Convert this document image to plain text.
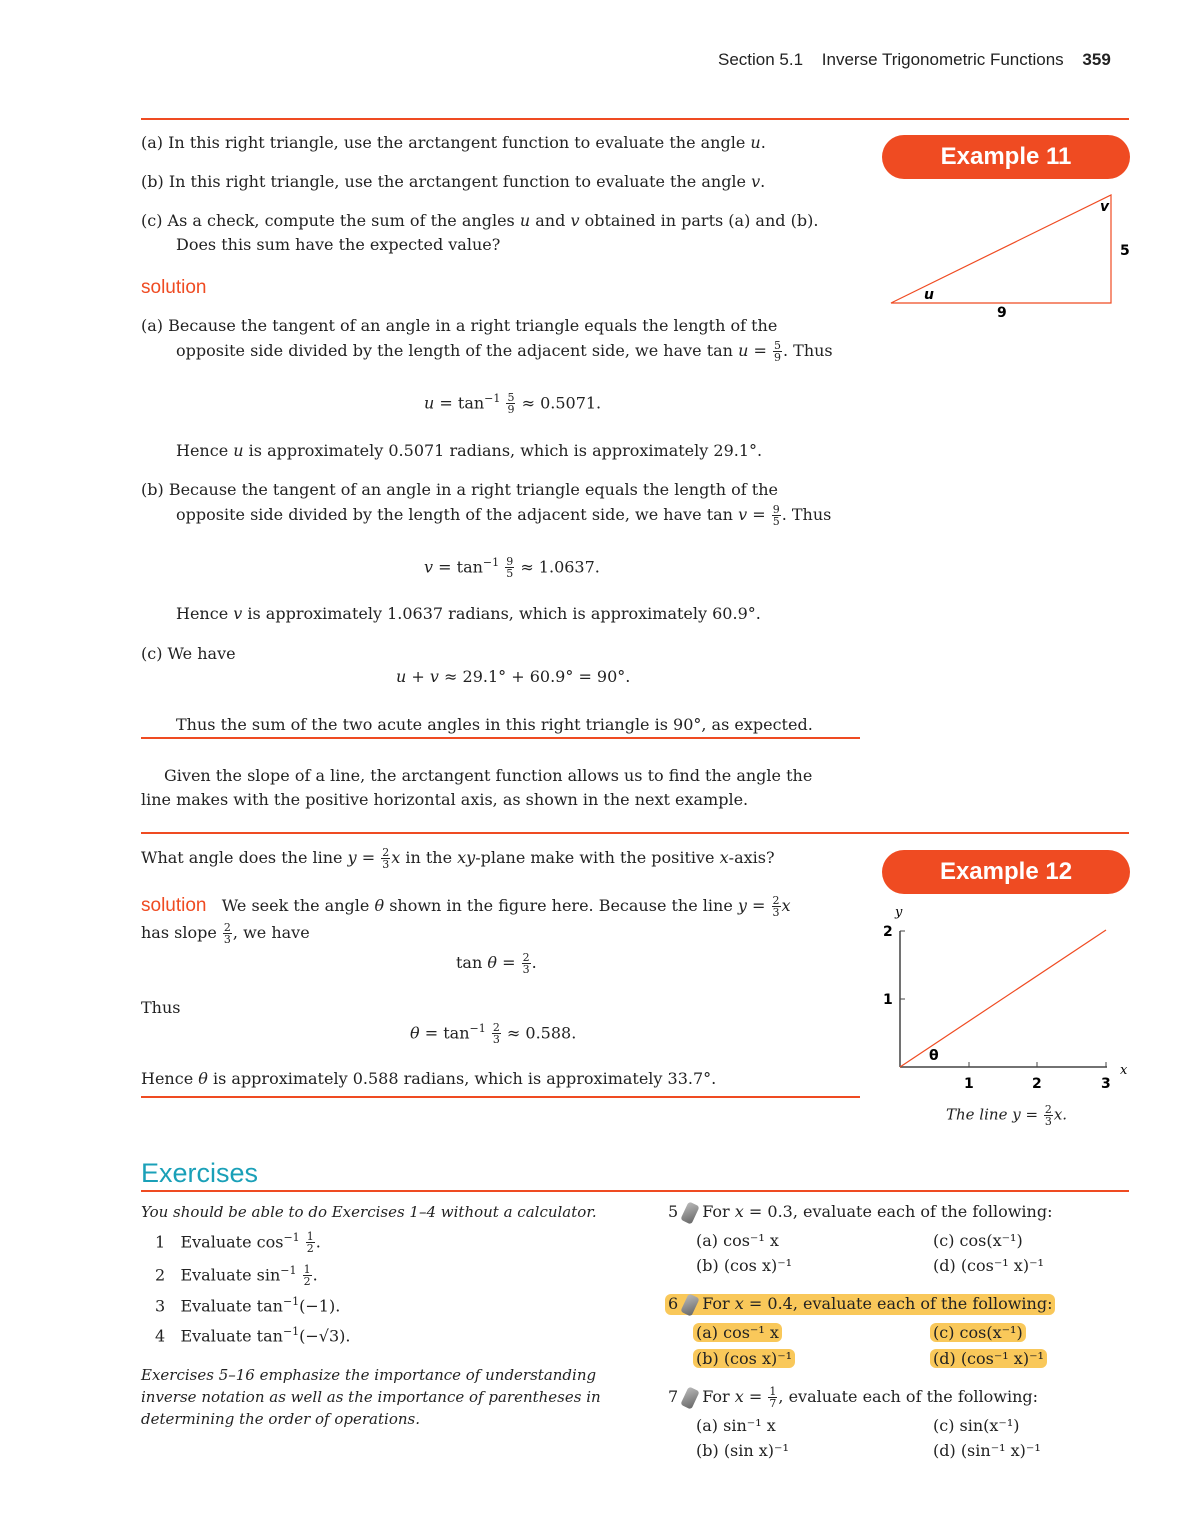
Section 5.1 Inverse Trigonometric Functions 359
Example 11
u
v
5
9
(a) In this right triangle, use the arctangent function to evaluate the angle u.
(b) In this right triangle, use the arctangent function to evaluate the angle v.
(c) As a check, compute the sum of the angles u and v obtained in parts (a) and (b).
Does this sum have the expected value?
solution
(a) Because the tangent of an angle in a right triangle equals the length of the
opposite side divided by the length of the adjacent side, we have $\tan u = \frac{5}{9}$ . Thus
$u = \tan^{-1} \frac{5}{9} \approx 0.5071$.
Hence u is approximately 0.5071 radians, which is approximately 29.1°.
(b) Because the tangent of an angle in a right triangle equals the length of the
opposite side divided by the length of the adjacent side, we have $\tan v = \frac{9}{5}$ . Thus
$v = \tan^{-1} \frac{9}{5} \approx 1.0637$.
Hence v is approximately 1.0637 radians, which is approximately 60.9°.
(c) We have
u + v ≈ 29.1° + 60.9° = 90°.
Thus the sum of the two acute angles in this right triangle is 90°, as expected.
Given the slope of a line, the arctangent function allows us to find the angle the
line makes with the positive horizontal axis, as shown in the next example.
Example 12
What angle does the line $y = \frac{2}{3}$ x in the xy-plane make with the positive x-axis?
solution We seek the angle θ shown in the figure here. Because the line $y = \frac{2}{3}$ x
has slope $\frac{2}{3}$ , we have
$\tan \theta = \frac{2}{3}$ .
Thus
$\theta = \tan^{-1} \frac{2}{3} \approx 0.588$.
Hence θ is approximately 0.588 radians, which is approximately 33.7°.
y
x
1
2
1	2	3
θ
The line $y = \frac{2}{3} x$.
Exercises
You should be able to do Exercises 1–4 without a calculator.
1 Evaluate $\cos^{-1} \frac{1}{2}$ .
2 Evaluate $\sin^{-1} \frac{1}{2}$ .
3 Evaluate $\tan^{-1}(-1)$.
4 Evaluate $\tan^{-1}(-√3)$.
Exercises 5–16 emphasize the importance of understanding
inverse notation as well as the importance of parentheses in
determining the order of operations.
5 For x = 0.3, evaluate each of the following:
(a) cos⁻¹ x
(b) (cos x)⁻¹
(c) cos(x⁻¹)
(d) (cos⁻¹ x)⁻¹
6 For x = 0.4, evaluate each of the following:
(a) cos⁻¹ x
(b) (cos x)⁻¹
(c) cos(x⁻¹)
(d) (cos⁻¹ x)⁻¹
7 For $x = \frac{1}{7}$ , evaluate each of the following:
(a) sin⁻¹ x
(b) (sin x)⁻¹
(c) sin(x⁻¹)
(d) (sin⁻¹ x)⁻¹
